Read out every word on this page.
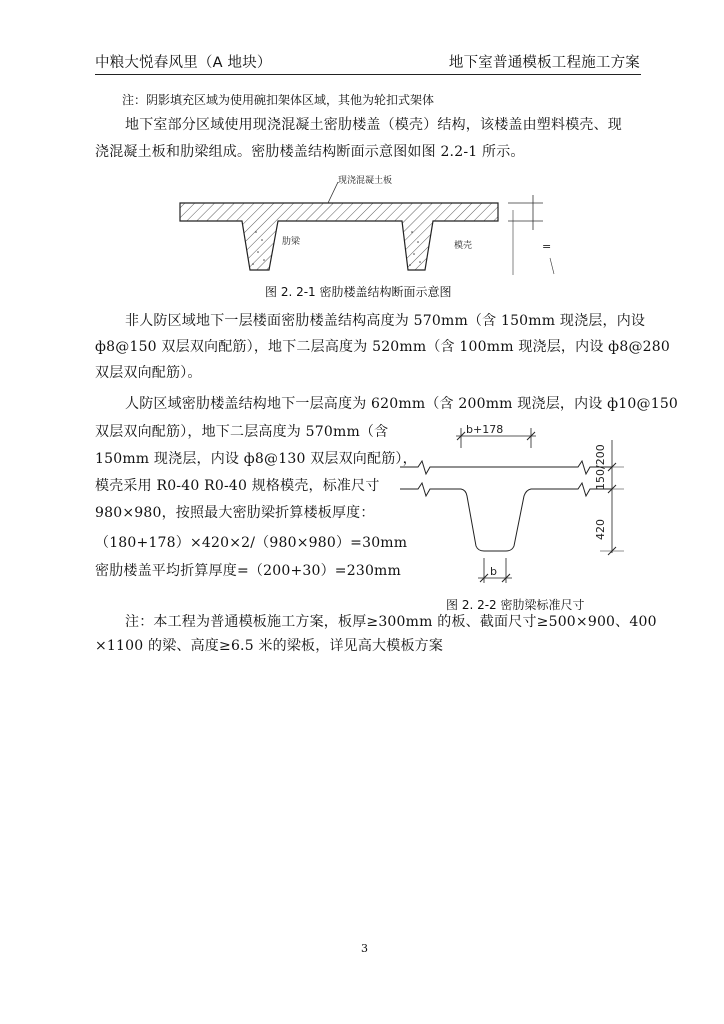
中粮大悦春风里（A 地块）	地下室普通模板工程施工方案
注：阴影填充区域为使用碗扣架体区域，其他为轮扣式架体
地下室部分区域使用现浇混凝土密肋楼盖（模壳）结构，该楼盖由塑料模壳、现
浇混凝土板和肋梁组成。密肋楼盖结构断面示意图如图 2.2-1 所示。
现浇混凝土板
肋梁	模壳	=
图 2. 2-1 密肋楼盖结构断面示意图
非人防区域地下一层楼面密肋楼盖结构高度为 570mm（含 150mm 现浇层，内设
ф8@150 双层双向配筋），地下二层高度为 520mm（含 100mm 现浇层，内设 ф8@280
双层双向配筋）。
人防区域密肋楼盖结构地下一层高度为 620mm（含 200mm 现浇层，内设 ф10@150
双层双向配筋），地下二层高度为 570mm（含
150mm 现浇层，内设 ф8@130 双层双向配筋），
模壳采用 R0-40 R0-40 规格模壳，标准尺寸
980×980，按照最大密肋梁折算楼板厚度：
（180+178）×420×2/（980×980）=30mm
密肋楼盖平均折算厚度=（200+30）=230mm
b+178
150/200
420
b
图 2. 2-2 密肋梁标准尺寸
注：本工程为普通模板施工方案，板厚≥300mm 的板、截面尺寸≥500×900、400
×1100 的梁、高度≥6.5 米的梁板，详见高大模板方案
3
